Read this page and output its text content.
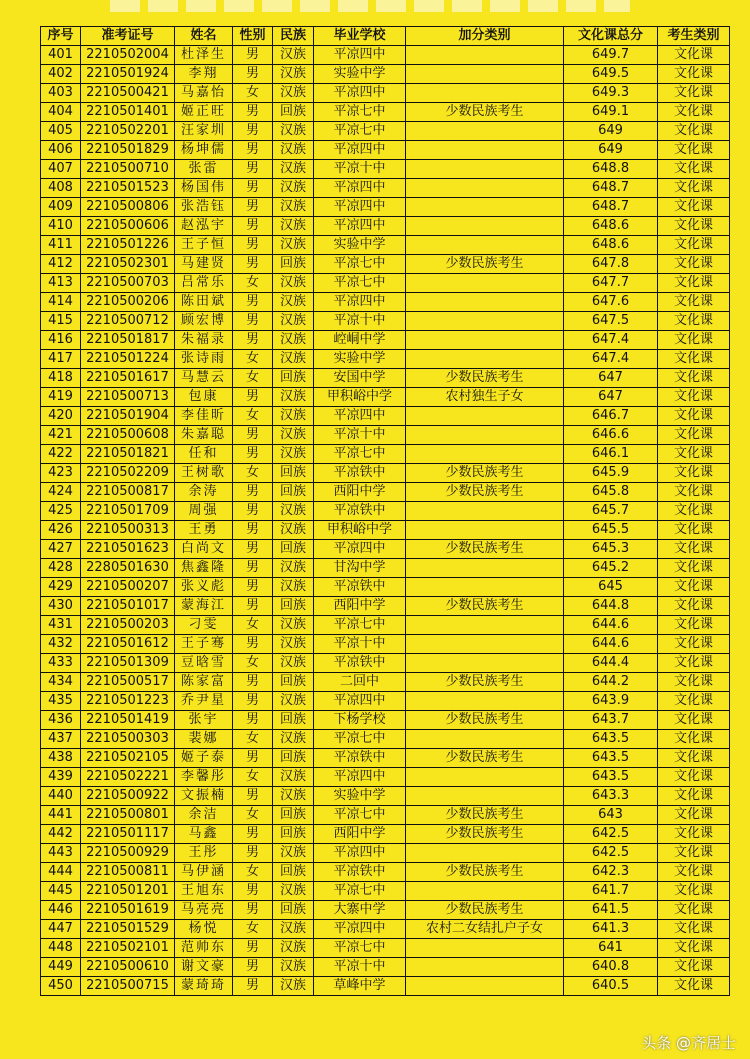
序号	准考证号	姓名	性别	民族	毕业学校	加分类别	文化课总分	考生类别
401	2210502004	杜泽生	男	汉族	平凉四中		649.7	文化课
402	2210501924	李翔	男	汉族	实验中学		649.5	文化课
403	2210500421	马嘉怡	女	汉族	平凉四中		649.3	文化课
404	2210501401	姬正旺	男	回族	平凉七中	少数民族考生	649.1	文化课
405	2210502201	汪家圳	男	汉族	平凉七中		649	文化课
406	2210501829	杨坤儒	男	汉族	平凉四中		649	文化课
407	2210500710	张雷	男	汉族	平凉十中		648.8	文化课
408	2210501523	杨国伟	男	汉族	平凉四中		648.7	文化课
409	2210500806	张浩钰	男	汉族	平凉四中		648.7	文化课
410	2210500606	赵泓宇	男	汉族	平凉四中		648.6	文化课
411	2210501226	王子恒	男	汉族	实验中学		648.6	文化课
412	2210502301	马建贤	男	回族	平凉七中	少数民族考生	647.8	文化课
413	2210500703	吕常乐	女	汉族	平凉七中		647.7	文化课
414	2210500206	陈田斌	男	汉族	平凉四中		647.6	文化课
415	2210500712	顾宏博	男	汉族	平凉十中		647.5	文化课
416	2210501817	朱福录	男	汉族	崆峒中学		647.4	文化课
417	2210501224	张诗雨	女	汉族	实验中学		647.4	文化课
418	2210501617	马慧云	女	回族	安国中学	少数民族考生	647	文化课
419	2210500713	包康	男	汉族	甲积峪中学	农村独生子女	647	文化课
420	2210501904	李佳昕	女	汉族	平凉四中		646.7	文化课
421	2210500608	朱嘉聪	男	汉族	平凉十中		646.6	文化课
422	2210501821	任和	男	汉族	平凉七中		646.1	文化课
423	2210502209	王树歌	女	回族	平凉铁中	少数民族考生	645.9	文化课
424	2210500817	余涛	男	回族	西阳中学	少数民族考生	645.8	文化课
425	2210501709	周强	男	汉族	平凉铁中		645.7	文化课
426	2210500313	王勇	男	汉族	甲积峪中学		645.5	文化课
427	2210501623	白尚文	男	回族	平凉四中	少数民族考生	645.3	文化课
428	2280501630	焦鑫隆	男	汉族	甘沟中学		645.2	文化课
429	2210500207	张义彪	男	汉族	平凉铁中		645	文化课
430	2210501017	蒙海江	男	回族	西阳中学	少数民族考生	644.8	文化课
431	2210500203	刁雯	女	汉族	平凉七中		644.6	文化课
432	2210501612	王子骞	男	汉族	平凉十中		644.6	文化课
433	2210501309	豆晗雪	女	汉族	平凉铁中		644.4	文化课
434	2210500517	陈家富	男	回族	二回中	少数民族考生	644.2	文化课
435	2210501223	乔尹星	男	汉族	平凉四中		643.9	文化课
436	2210501419	张宇	男	回族	下杨学校	少数民族考生	643.7	文化课
437	2210500303	裴娜	女	汉族	平凉七中		643.5	文化课
438	2210502105	姬子泰	男	回族	平凉铁中	少数民族考生	643.5	文化课
439	2210502221	李馨彤	女	汉族	平凉四中		643.5	文化课
440	2210500922	文振楠	男	汉族	实验中学		643.3	文化课
441	2210500801	余洁	女	回族	平凉七中	少数民族考生	643	文化课
442	2210501117	马鑫	男	回族	西阳中学	少数民族考生	642.5	文化课
443	2210500929	王彤	男	汉族	平凉四中		642.5	文化课
444	2210500811	马伊涵	女	回族	平凉铁中	少数民族考生	642.3	文化课
445	2210501201	王旭东	男	汉族	平凉七中		641.7	文化课
446	2210501619	马亮亮	男	回族	大寨中学	少数民族考生	641.5	文化课
447	2210501529	杨悦	女	汉族	平凉四中	农村二女结扎户子女	641.3	文化课
448	2210502101	范帅东	男	汉族	平凉七中		641	文化课
449	2210500610	谢文豪	男	汉族	平凉十中		640.8	文化课
450	2210500715	蒙琦琦	男	汉族	草峰中学		640.5	文化课
头条 @齐居士
